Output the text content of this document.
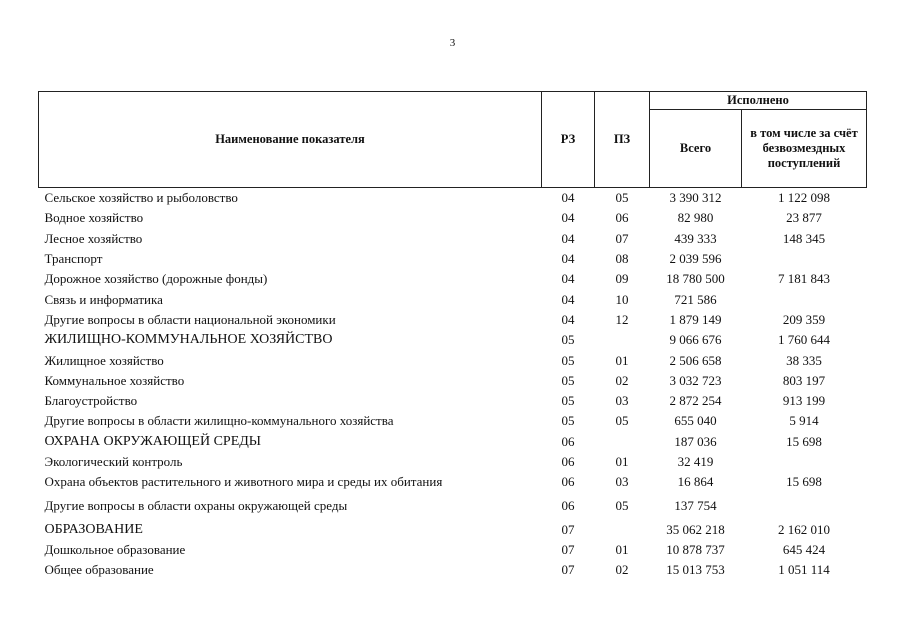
3
Наименование показателя	РЗ	ПЗ	Исполнено	
			Всего	в том числе за счёт безвозмездных поступлений
Сельское хозяйство и рыболовство	04	05	3 390 312	1 122 098
Водное хозяйство	04	06	82 980	23 877
Лесное хозяйство	04	07	439 333	148 345
Транспорт	04	08	2 039 596	
Дорожное хозяйство (дорожные фонды)	04	09	18 780 500	7 181 843
Связь и информатика	04	10	721 586	
Другие вопросы в области национальной экономики	04	12	1 879 149	209 359
ЖИЛИЩНО-КОММУНАЛЬНОЕ ХОЗЯЙСТВО	05		9 066 676	1 760 644
Жилищное хозяйство	05	01	2 506 658	38 335
Коммунальное хозяйство	05	02	3 032 723	803 197
Благоустройство	05	03	2 872 254	913 199
Другие вопросы в области жилищно-коммунального хозяйства	05	05	655 040	5 914
ОХРАНА ОКРУЖАЮЩЕЙ СРЕДЫ	06		187 036	15 698
Экологический контроль	06	01	32 419	
Охрана объектов растительного и животного мира и среды их обитания	06	03	16 864	15 698
Другие вопросы в области охраны окружающей среды	06	05	137 754	
ОБРАЗОВАНИЕ	07		35 062 218	2 162 010
Дошкольное образование	07	01	10 878 737	645 424
Общее образование	07	02	15 013 753	1 051 114
